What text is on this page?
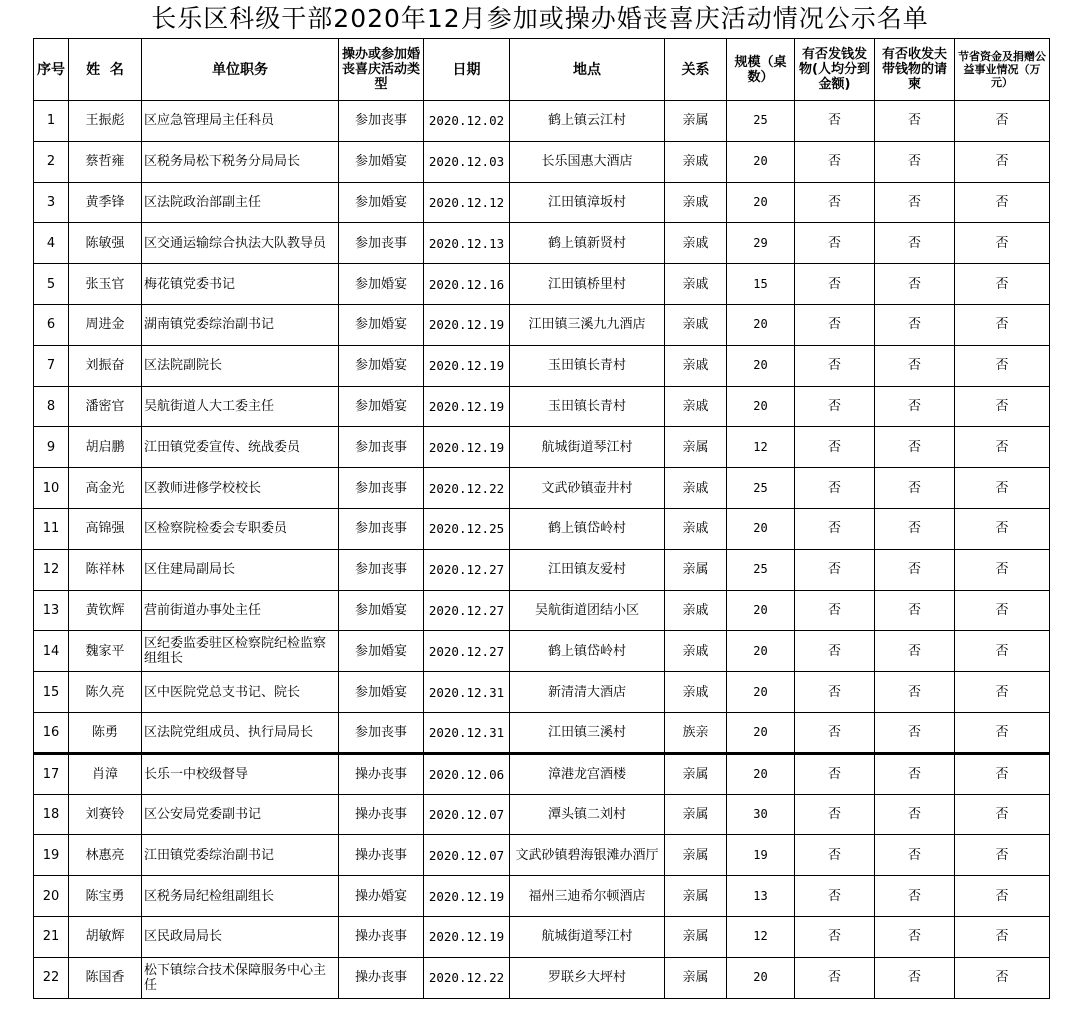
长乐区科级干部2020年12月参加或操办婚丧喜庆活动情况公示名单
序号	姓  名	单位职务	操办或参加婚丧喜庆活动类型	日期	地点	关系	规模（桌数）	有否发钱发物(人均分到金额)	有否收发夫带钱物的请柬	节省资金及捐赠公益事业情况（万元）
1	王振彪	区应急管理局主任科员	参加丧事	2020.12.02	鹤上镇云江村	亲属	25	否	否	否
2	蔡哲雍	区税务局松下税务分局局长	参加婚宴	2020.12.03	长乐国惠大酒店	亲戚	20	否	否	否
3	黄季锋	区法院政治部副主任	参加婚宴	2020.12.12	江田镇漳坂村	亲戚	20	否	否	否
4	陈敏强	区交通运输综合执法大队教导员	参加丧事	2020.12.13	鹤上镇新贤村	亲戚	29	否	否	否
5	张玉官	梅花镇党委书记	参加婚宴	2020.12.16	江田镇桥里村	亲戚	15	否	否	否
6	周进金	湖南镇党委综治副书记	参加婚宴	2020.12.19	江田镇三溪九九酒店	亲戚	20	否	否	否
7	刘振奋	区法院副院长	参加婚宴	2020.12.19	玉田镇长青村	亲戚	20	否	否	否
8	潘密官	吴航街道人大工委主任	参加婚宴	2020.12.19	玉田镇长青村	亲戚	20	否	否	否
9	胡启鹏	江田镇党委宣传、统战委员	参加丧事	2020.12.19	航城街道琴江村	亲属	12	否	否	否
10	高金光	区教师进修学校校长	参加丧事	2020.12.22	文武砂镇壶井村	亲戚	25	否	否	否
11	高锦强	区检察院检委会专职委员	参加丧事	2020.12.25	鹤上镇岱岭村	亲戚	20	否	否	否
12	陈祥林	区住建局副局长	参加丧事	2020.12.27	江田镇友爱村	亲属	25	否	否	否
13	黄钦辉	营前街道办事处主任	参加婚宴	2020.12.27	吴航街道团结小区	亲戚	20	否	否	否
14	魏家平	区纪委监委驻区检察院纪检监察组组长	参加婚宴	2020.12.27	鹤上镇岱岭村	亲戚	20	否	否	否
15	陈久亮	区中医院党总支书记、院长	参加婚宴	2020.12.31	新清清大酒店	亲戚	20	否	否	否
16	陈勇	区法院党组成员、执行局局长	参加丧事	2020.12.31	江田镇三溪村	族亲	20	否	否	否
17	肖漳	长乐一中校级督导	操办丧事	2020.12.06	漳港龙宫酒楼	亲属	20	否	否	否
18	刘赛铃	区公安局党委副书记	操办丧事	2020.12.07	潭头镇二刘村	亲属	30	否	否	否
19	林惠亮	江田镇党委综治副书记	操办丧事	2020.12.07	文武砂镇碧海银滩办酒厅	亲属	19	否	否	否
20	陈宝勇	区税务局纪检组副组长	操办婚宴	2020.12.19	福州三迪希尔顿酒店	亲属	13	否	否	否
21	胡敏辉	区民政局局长	操办丧事	2020.12.19	航城街道琴江村	亲属	12	否	否	否
22	陈国香	松下镇综合技术保障服务中心主任	操办丧事	2020.12.22	罗联乡大坪村	亲属	20	否	否	否
